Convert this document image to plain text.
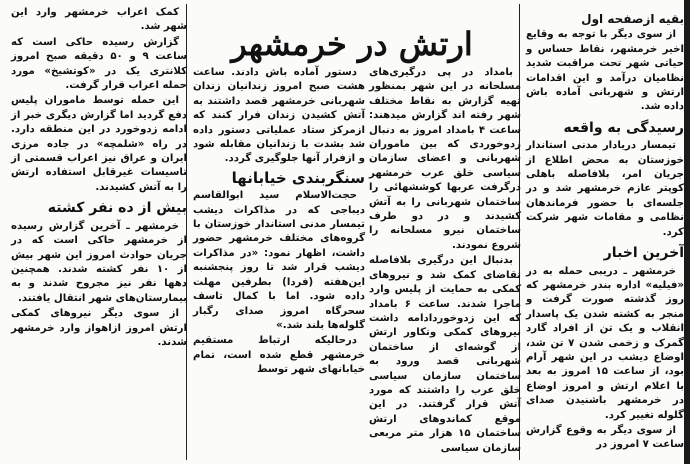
ارتش در خرمشهر
بقیه ازصفحه اول

از سوی دیگر با توجه به وقایع اخیر خرمشهر، نقاط حساس و حیاتی شهر تحت مراقبت شدید نظامیان درآمد و این اقدامات ارتش و شهربانی آماده باش داده شد.

رسیدگی به واقعه

تیمسار دریادار مدنی استاندار خوزستان به محض اطلاع از جریان امر، بلافاصله باهلی‌ کوپتر عازم خرمشهر شد و در جلسه‌ای با حضور فرماندهان نظامی و مقامات شهر شرکت کرد.

آخرین اخبار

خرمشهر ـ دریبی حمله به در «فیلیه» اداره بندر خرمشهر که روز گذشته صورت گرفت و منجر به کشته شدن یک پاسدار انقلاب و یک تن از افراد گارد گمرک و زخمی شدن ۷ تن شد، اوضاع دیشب در این شهر آرام بود، از ساعت ۱۵ امروز به بعد با اعلام ارتش و امروز اوضاع در خرمشهر باشنیدن صدای گلوله تغییر کرد.

از سوی دیگر به وقوع گزارش ساعت ۷ امروز در

بامداد در پی درگیری‌های مسلحانه در این شهر بمنظور تهیه گزارش به نقاط مختلف شهر رفته اند گزارش میدهند: ساعت ۴ بامداد امروز به دنبال زدوخوردی که بین ماموران شهربانی و اعضای سازمان سیاسی خلق عرب خرمشهر درگرفت عربها کوششهائی را ساختمان شهربانی را به آتش کشیدند و در دو طرف ساختمان نیرو مسلحانه را شروع نمودند.

بدنبال این درگیری بلافاصله تقاضای کمک شد و نیروهای کمکی به حمایت از پلیس وارد ماجرا شدند. ساعت ۶ بامداد که این زدوخوردادامه داشت نیروهای کمکی وتکاور ارتش از گوشه‌ای از ساختمان شهربانی قصد ورود به ساختمان سازمان سیاسی خلق عرب را داشتند که مورد آتش قرار گرفتند. در این موقع کماندوهای ارتش ساختمان ۱۵ هزار متر مربعی سازمان سیاسی

دستور آماده باش دادند. ساعت هشت صبح امروز زندانیان زندان شهربانی خرمشهر قصد داشتند به آتش کشیدن زندان فرار کنند که ازمرکز ستاد عملیاتی دستور داده شد بشدت با زندانیان مقابله شود و ازفرار آنها جلوگیری گردد.

سنگربندی خیابانها

حجت‌الاسلام سید ابوالقاسم دیباجی که در مذاکرات دیشب تیمسار مدنی استاندار خوزستان با گروه‌های مختلف خرمشهر حضور داشت، اظهار نمود: «در مذاکرات دیشب قرار شد تا روز پنجشنبه این‌هفته (فردا) بطرفین مهلت داده شود. اما با کمال تاسف سحرگاه امروز صدای رگبار گلوله‌ها بلند شد.»

درحالیکه ارتباط مستقیم خرمشهر قطع شده است، تمام خیابانهای شهر توسط

کمک اعراب خرمشهر وارد این شهر شد.

گزارش رسیده حاکی است که ساعت ۹ و ۵۰ دقیقه صبح امروز کلانتری یک در «کوتشیخ» مورد حمله اعراب قرار گرفت.

این حمله توسط ماموران پلیس دفع گردید اما گزارش دیگری خبر از ادامه زدوخورد در این منطقه دارد. در راه «شلمچه» در جاده مرزی ایران و عراق نیز اعراب قسمتی از تاسیسات غیرقابل استفاده ارتش را به آتش کشیدند.

بیش از ده نفر کشته

خرمشهر ـ آخرین گزارش رسیده از خرمشهر حاکی است که در جریان حوادث امروز این شهر بیش از ۱۰ نفر کشته شدند. همچنین دهها نفر نیز مجروح شدند و به بیمارستان‌های شهر انتقال یافتند.

از سوی دیگر نیروهای کمکی ارتش امروز ازاهواز وارد خرمشهر شدند.
